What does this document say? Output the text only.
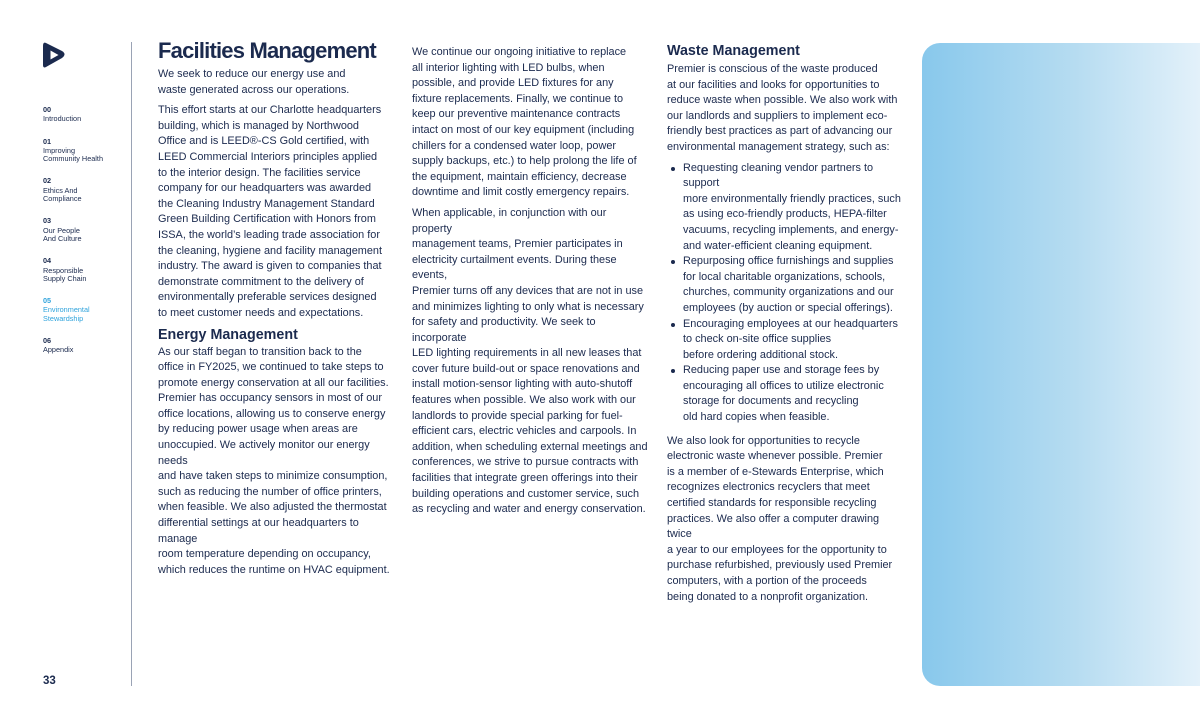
00
Introduction
01
Improving
Community Health
02
Ethics And
Compliance
03
Our People
And Culture
04
Responsible
Supply Chain
05
Environmental
Stewardship
06
Appendix
33
Facilities Management

We seek to reduce our energy use and
waste generated across our operations.

This effort starts at our Charlotte headquarters
building, which is managed by Northwood
Office and is LEED®-CS Gold certified, with
LEED Commercial Interiors principles applied
to the interior design. The facilities service
company for our headquarters was awarded
the Cleaning Industry Management Standard
Green Building Certification with Honors from
ISSA, the world’s leading trade association for
the cleaning, hygiene and facility management
industry. The award is given to companies that
demonstrate commitment to the delivery of
environmentally preferable services designed
to meet customer needs and expectations.

Energy Management

As our staff began to transition back to the
office in FY2025, we continued to take steps to
promote energy conservation at all our facilities.
Premier has occupancy sensors in most of our
office locations, allowing us to conserve energy
by reducing power usage when areas are
unoccupied. We actively monitor our energy needs
and have taken steps to minimize consumption,
such as reducing the number of office printers,
when feasible. We also adjusted the thermostat
differential settings at our headquarters to manage
room temperature depending on occupancy,
which reduces the runtime on HVAC equipment.

We continue our ongoing initiative to replace
all interior lighting with LED bulbs, when
possible, and provide LED fixtures for any
fixture replacements. Finally, we continue to
keep our preventive maintenance contracts
intact on most of our key equipment (including
chillers for a condensed water loop, power
supply backups, etc.) to help prolong the life of
the equipment, maintain efficiency, decrease
downtime and limit costly emergency repairs.

When applicable, in conjunction with our property
management teams, Premier participates in
electricity curtailment events. During these events,
Premier turns off any devices that are not in use
and minimizes lighting to only what is necessary
for safety and productivity. We seek to incorporate
LED lighting requirements in all new leases that
cover future build-out or space renovations and
install motion-sensor lighting with auto-shutoff
features when possible. We also work with our
landlords to provide special parking for fuel-
efficient cars, electric vehicles and carpools. In
addition, when scheduling external meetings and
conferences, we strive to pursue contracts with
facilities that integrate green offerings into their
building operations and customer service, such
as recycling and water and energy conservation.

Waste Management

Premier is conscious of the waste produced
at our facilities and looks for opportunities to
reduce waste when possible. We also work with
our landlords and suppliers to implement eco-
friendly best practices as part of advancing our
environmental management strategy, such as:

Requesting cleaning vendor partners to support
more environmentally friendly practices, such
as using eco-friendly products, HEPA-filter
vacuums, recycling implements, and energy-
and water-efficient cleaning equipment.
Repurposing office furnishings and supplies
for local charitable organizations, schools,
churches, community organizations and our
employees (by auction or special offerings).
Encouraging employees at our headquarters
to check on-site office supplies
before ordering additional stock.
Reducing paper use and storage fees by
encouraging all offices to utilize electronic
storage for documents and recycling
old hard copies when feasible.

We also look for opportunities to recycle
electronic waste whenever possible. Premier
is a member of e-Stewards Enterprise, which
recognizes electronics recyclers that meet
certified standards for responsible recycling
practices. We also offer a computer drawing twice
a year to our employees for the opportunity to
purchase refurbished, previously used Premier
computers, with a portion of the proceeds
being donated to a nonprofit organization.
